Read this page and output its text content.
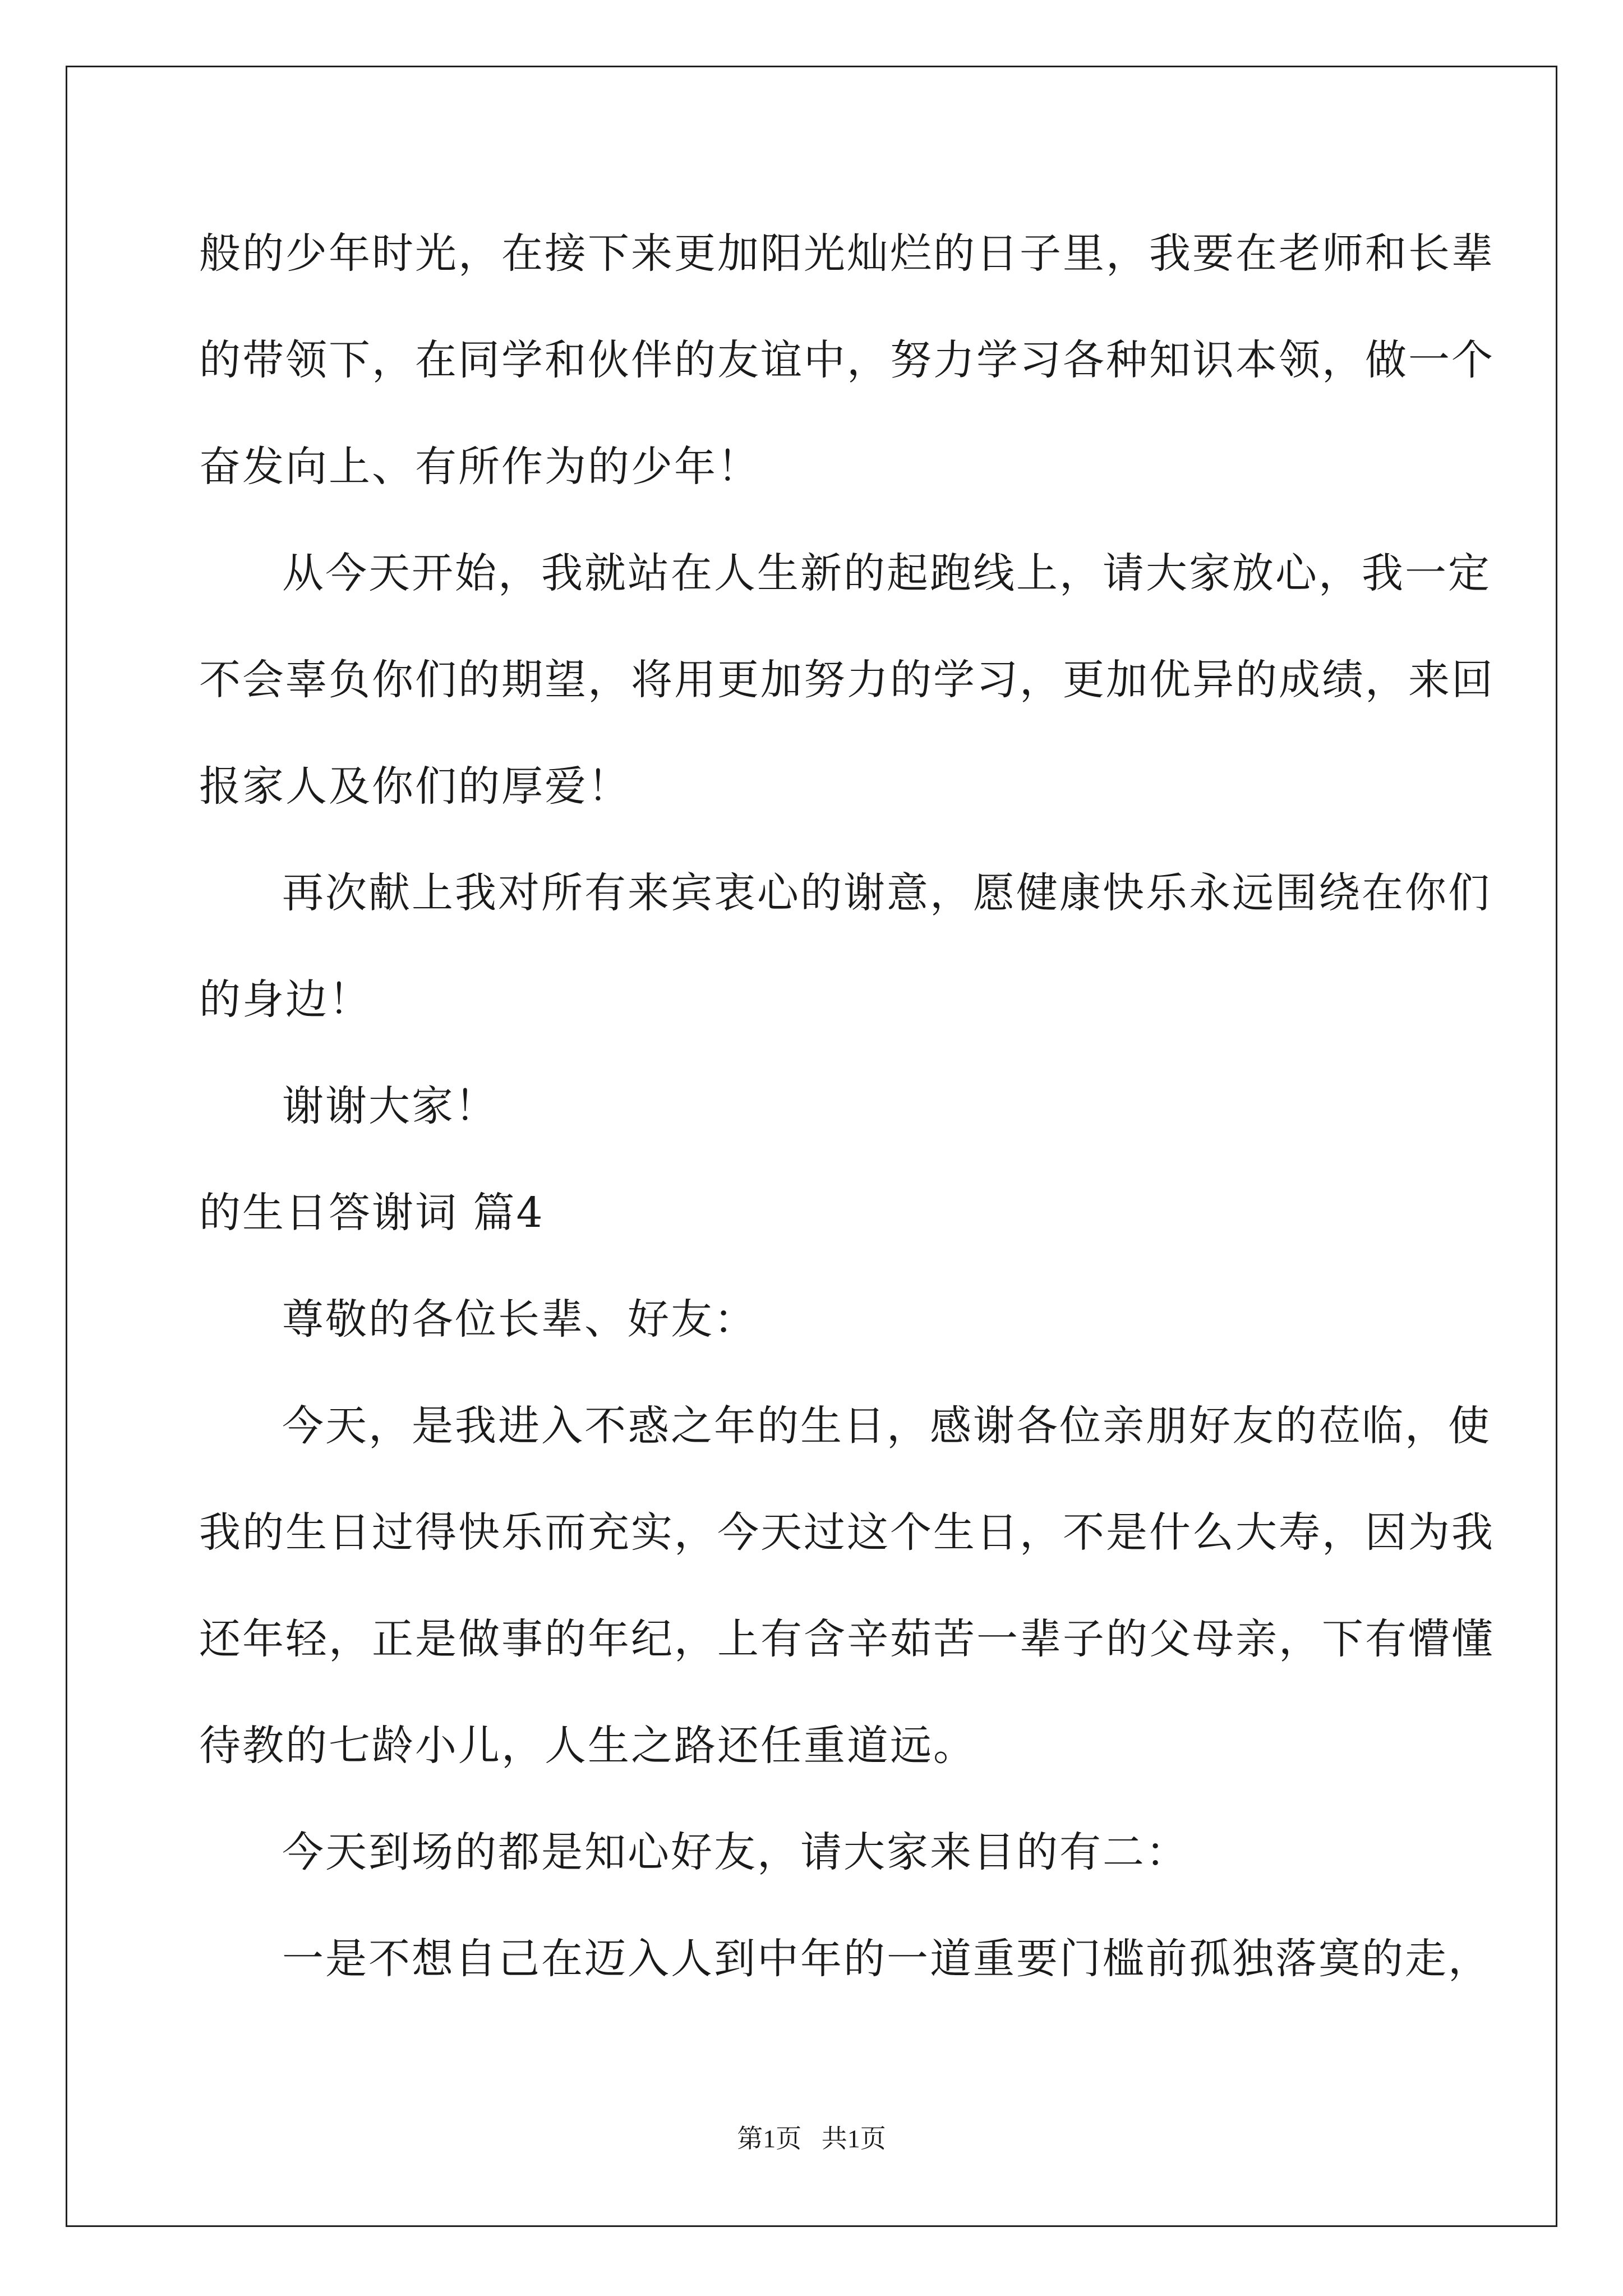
般的少年时光，在接下来更加阳光灿烂的日子里，我要在老师和长辈
的带领下，在同学和伙伴的友谊中，努力学习各种知识本领，做一个
奋发向上、有所作为的少年！
从今天开始，我就站在人生新的起跑线上，请大家放心，我一定
不会辜负你们的期望，将用更加努力的学习，更加优异的成绩，来回
报家人及你们的厚爱！
再次献上我对所有来宾衷心的谢意，愿健康快乐永远围绕在你们
的身边！
谢谢大家！
的生日答谢词 篇4
尊敬的各位长辈、好友：
今天，是我进入不惑之年的生日，感谢各位亲朋好友的莅临，使
我的生日过得快乐而充实，今天过这个生日，不是什么大寿，因为我
还年轻，正是做事的年纪，上有含辛茹苦一辈子的父母亲，下有懵懂
待教的七龄小儿，人生之路还任重道远。
今天到场的都是知心好友，请大家来目的有二：
一是不想自己在迈入人到中年的一道重要门槛前孤独落寞的走，
第1页 共1页
